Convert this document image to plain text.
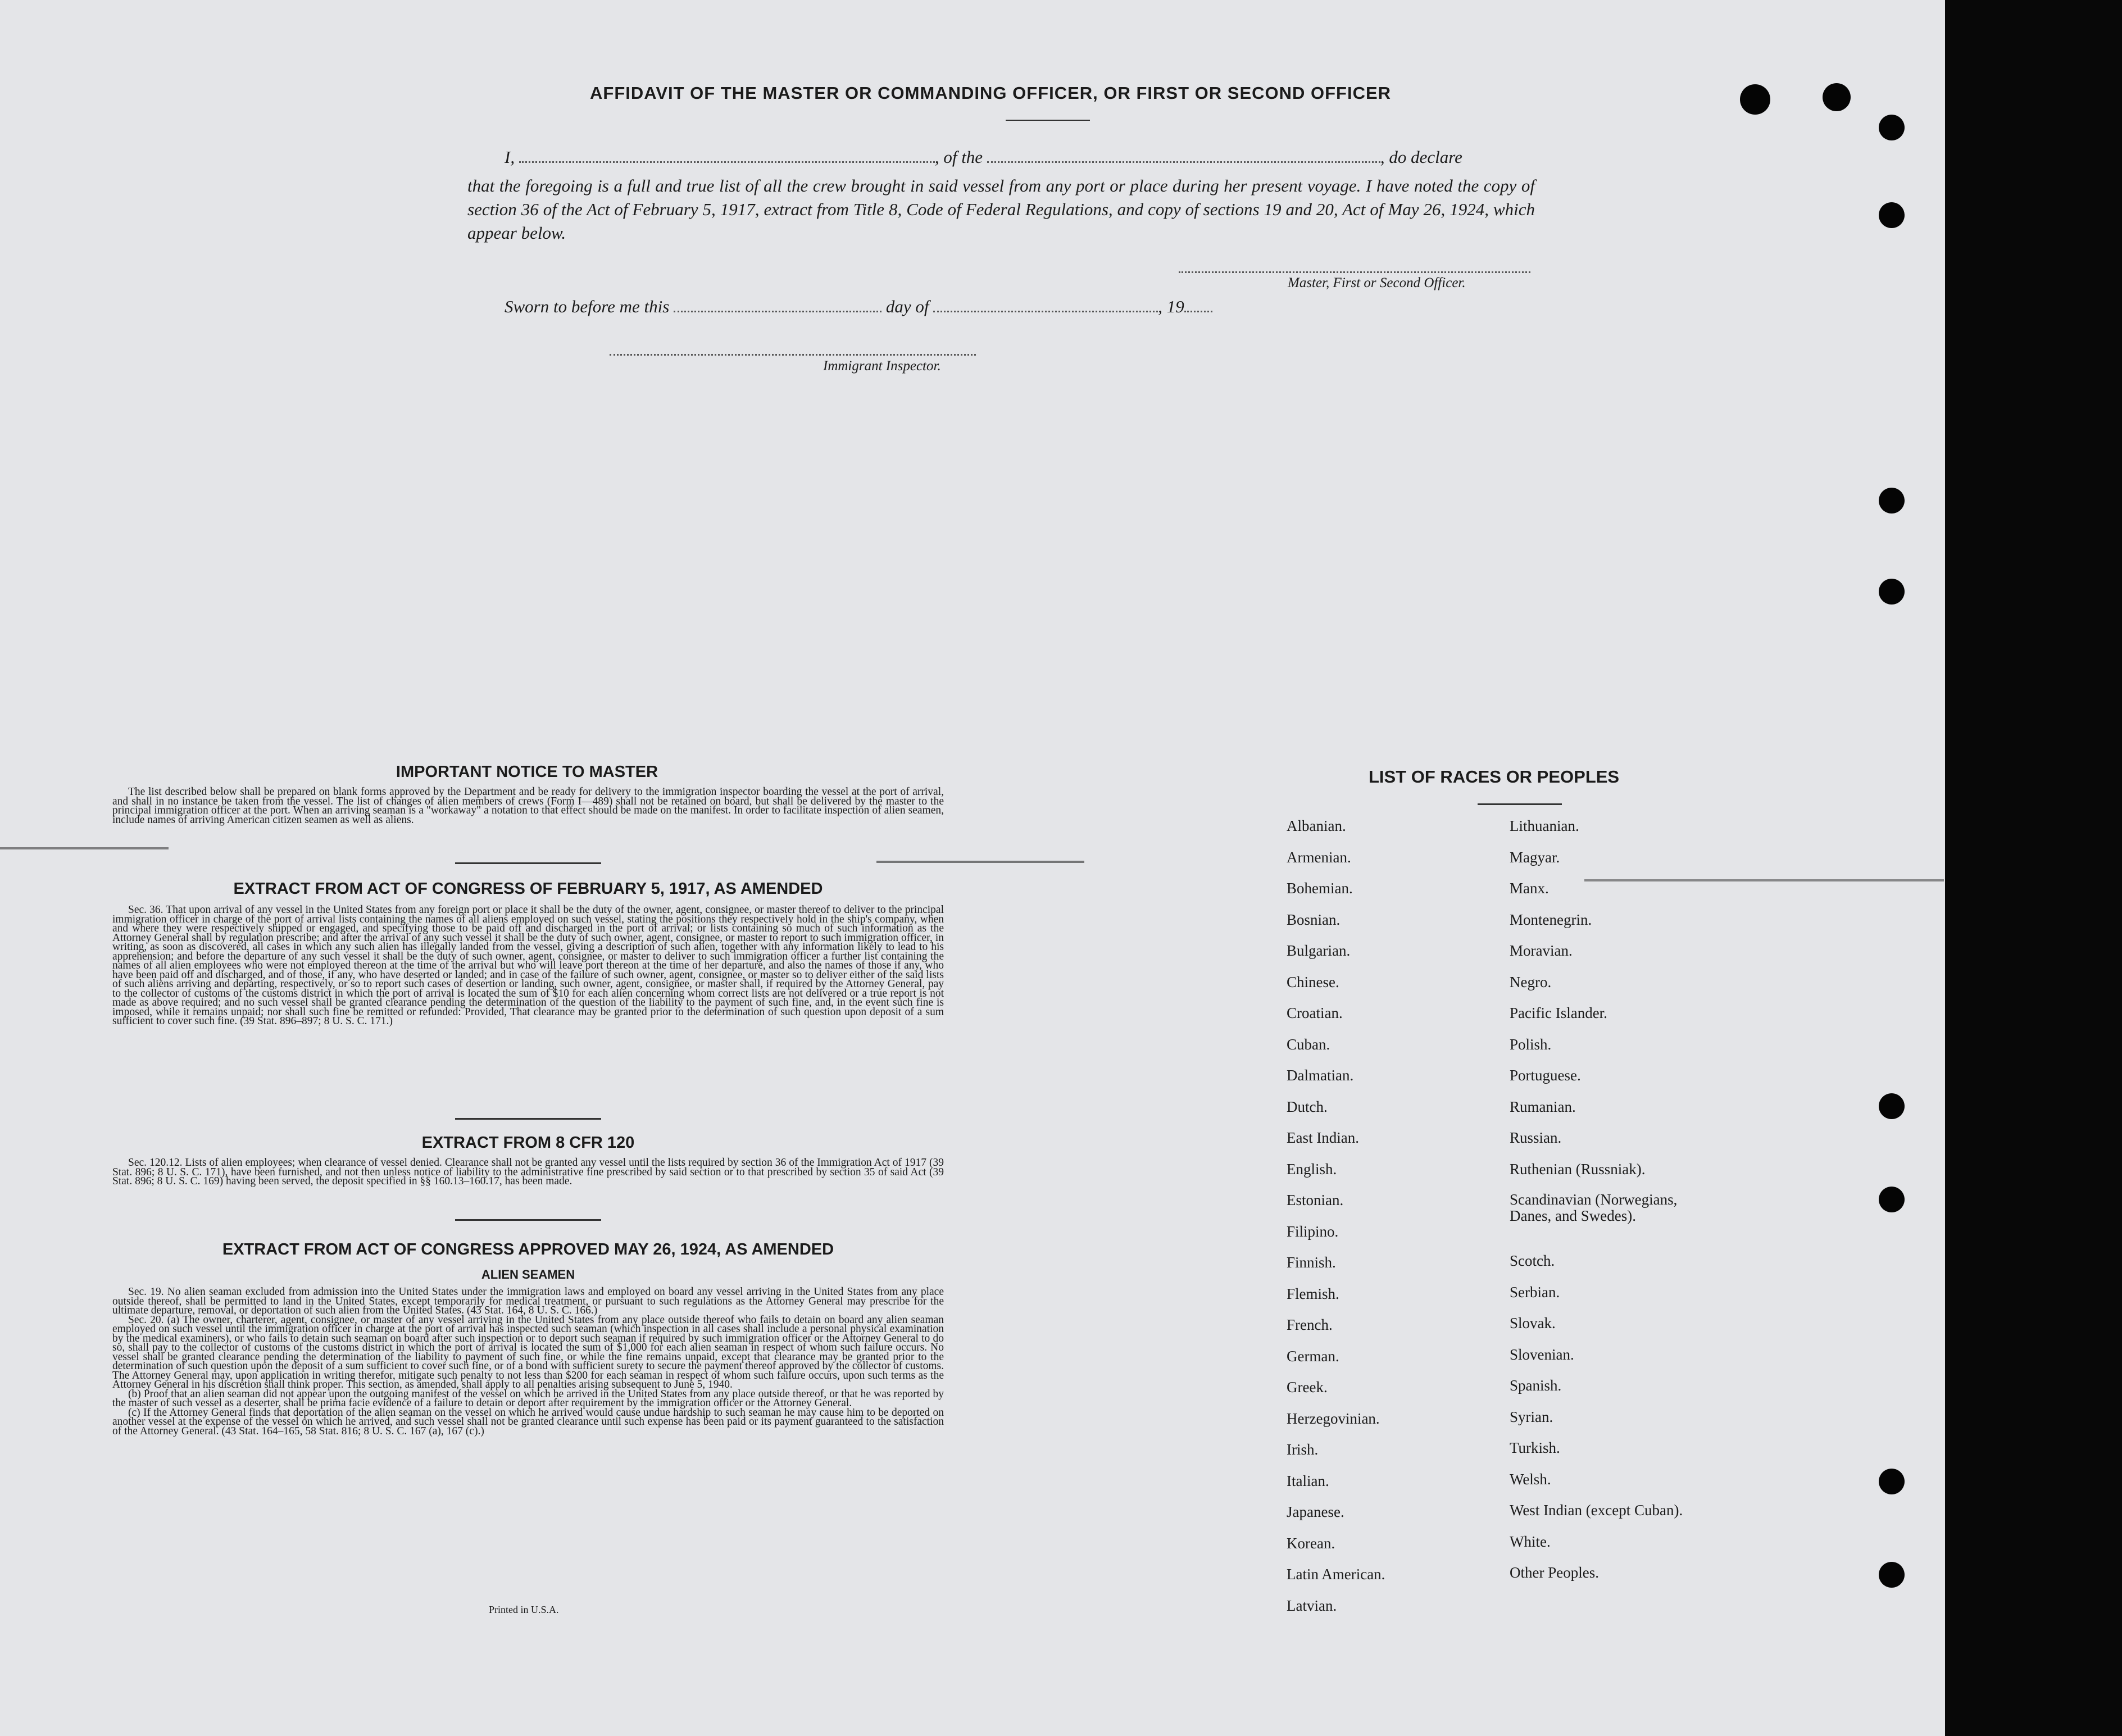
AFFIDAVIT OF THE MASTER OR COMMANDING OFFICER, OR FIRST OR SECOND OFFICER
I,	, of the	, do declare
that the foregoing is a full and true list of all the crew brought in said vessel from any port or place during her present voyage. I have noted the copy of section 36 of the Act of February 5, 1917, extract from Title 8, Code of Federal Regulations, and copy of sections 19 and 20, Act of May 26, 1924, which appear below.
Master, First or Second Officer.
Sworn to before me this	day of	, 19
Immigrant Inspector.
IMPORTANT NOTICE TO MASTER

The list described below shall be prepared on blank forms approved by the Department and be ready for delivery to the immigration inspector boarding the vessel at the port of arrival, and shall in no instance be taken from the vessel. The list of changes of alien members of crews (Form I—489) shall not be retained on board, but shall be delivered by the master to the principal immigration officer at the port. When an arriving seaman is a "workaway" a notation to that effect should be made on the manifest. In order to facilitate inspection of alien seamen, include names of arriving American citizen seamen as well as aliens.

EXTRACT FROM ACT OF CONGRESS OF FEBRUARY 5, 1917, AS AMENDED

Sec. 36. That upon arrival of any vessel in the United States from any foreign port or place it shall be the duty of the owner, agent, consignee, or master thereof to deliver to the principal immigration officer in charge of the port of arrival lists containing the names of all aliens employed on such vessel, stating the positions they respectively hold in the ship's company, when and where they were respectively shipped or engaged, and specifying those to be paid off and discharged in the port of arrival; or lists containing so much of such information as the Attorney General shall by regulation prescribe; and after the arrival of any such vessel it shall be the duty of such owner, agent, consignee, or master to report to such immigration officer, in writing, as soon as discovered, all cases in which any such alien has illegally landed from the vessel, giving a description of such alien, together with any information likely to lead to his apprehension; and before the departure of any such vessel it shall be the duty of such owner, agent, consignee, or master to deliver to such immigration officer a further list containing the names of all alien employees who were not employed thereon at the time of the arrival but who will leave port thereon at the time of her departure, and also the names of those if any, who have been paid off and discharged, and of those, if any, who have deserted or landed; and in case of the failure of such owner, agent, consignee, or master so to deliver either of the said lists of such aliens arriving and departing, respectively, or so to report such cases of desertion or landing, such owner, agent, consignee, or master shall, if required by the Attorney General, pay to the collector of customs of the customs district in which the port of arrival is located the sum of $10 for each alien concerning whom correct lists are not delivered or a true report is not made as above required; and no such vessel shall be granted clearance pending the determination of the question of the liability to the payment of such fine, and, in the event such fine is imposed, while it remains unpaid; nor shall such fine be remitted or refunded: Provided, That clearance may be granted prior to the determination of such question upon deposit of a sum sufficient to cover such fine. (39 Stat. 896–897; 8 U. S. C. 171.)

EXTRACT FROM 8 CFR 120

Sec. 120.12. Lists of alien employees; when clearance of vessel denied. Clearance shall not be granted any vessel until the lists required by section 36 of the Immigration Act of 1917 (39 Stat. 896; 8 U. S. C. 171), have been furnished, and not then unless notice of liability to the administrative fine prescribed by said section or to that prescribed by section 35 of said Act (39 Stat. 896; 8 U. S. C. 169) having been served, the deposit specified in §§ 160.13–160.17, has been made.

EXTRACT FROM ACT OF CONGRESS APPROVED MAY 26, 1924, AS AMENDED
ALIEN SEAMEN

Sec. 19. No alien seaman excluded from admission into the United States under the immigration laws and employed on board any vessel arriving in the United States from any place outside thereof, shall be permitted to land in the United States, except temporarily for medical treatment, or pursuant to such regulations as the Attorney General may prescribe for the ultimate departure, removal, or deportation of such alien from the United States. (43 Stat. 164, 8 U. S. C. 166.)

Sec. 20. (a) The owner, charterer, agent, consignee, or master of any vessel arriving in the United States from any place outside thereof who fails to detain on board any alien seaman employed on such vessel until the immigration officer in charge at the port of arrival has inspected such seaman (which inspection in all cases shall include a personal physical examination by the medical examiners), or who fails to detain such seaman on board after such inspection or to deport such seaman if required by such immigration officer or the Attorney General to do so, shall pay to the collector of customs of the customs district in which the port of arrival is located the sum of $1,000 for each alien seaman in respect of whom such failure occurs. No vessel shall be granted clearance pending the determination of the liability to payment of such fine, or while the fine remains unpaid, except that clearance may be granted prior to the determination of such question upon the deposit of a sum sufficient to cover such fine, or of a bond with sufficient surety to secure the payment thereof approved by the collector of customs. The Attorney General may, upon application in writing therefor, mitigate such penalty to not less than $200 for each seaman in respect of whom such failure occurs, upon such terms as the Attorney General in his discretion shall think proper. This section, as amended, shall apply to all penalties arising subsequent to June 5, 1940.

(b) Proof that an alien seaman did not appear upon the outgoing manifest of the vessel on which he arrived in the United States from any place outside thereof, or that he was reported by the master of such vessel as a deserter, shall be prima facie evidence of a failure to detain or deport after requirement by the immigration officer or the Attorney General.

(c) If the Attorney General finds that deportation of the alien seaman on the vessel on which he arrived would cause undue hardship to such seaman he may cause him to be deported on another vessel at the expense of the vessel on which he arrived, and such vessel shall not be granted clearance until such expense has been paid or its payment guaranteed to the satisfaction of the Attorney General. (43 Stat. 164–165, 58 Stat. 816; 8 U. S. C. 167 (a), 167 (c).)

Printed in U.S.A.
LIST OF RACES OR PEOPLES
Albanian.
Armenian.
Bohemian.
Bosnian.
Bulgarian.
Chinese.
Croatian.
Cuban.
Dalmatian.
Dutch.
East Indian.
English.
Estonian.
Filipino.
Finnish.
Flemish.
French.
German.
Greek.
Herzegovinian.
Irish.
Italian.
Japanese.
Korean.
Latin American.
Latvian.
Lithuanian.
Magyar.
Manx.
Montenegrin.
Moravian.
Negro.
Pacific Islander.
Polish.
Portuguese.
Rumanian.
Russian.
Ruthenian (Russniak).
Scandinavian (Norwegians, Danes, and Swedes).
Scotch.
Serbian.
Slovak.
Slovenian.
Spanish.
Syrian.
Turkish.
Welsh.
West Indian (except Cuban).
White.
Other Peoples.
